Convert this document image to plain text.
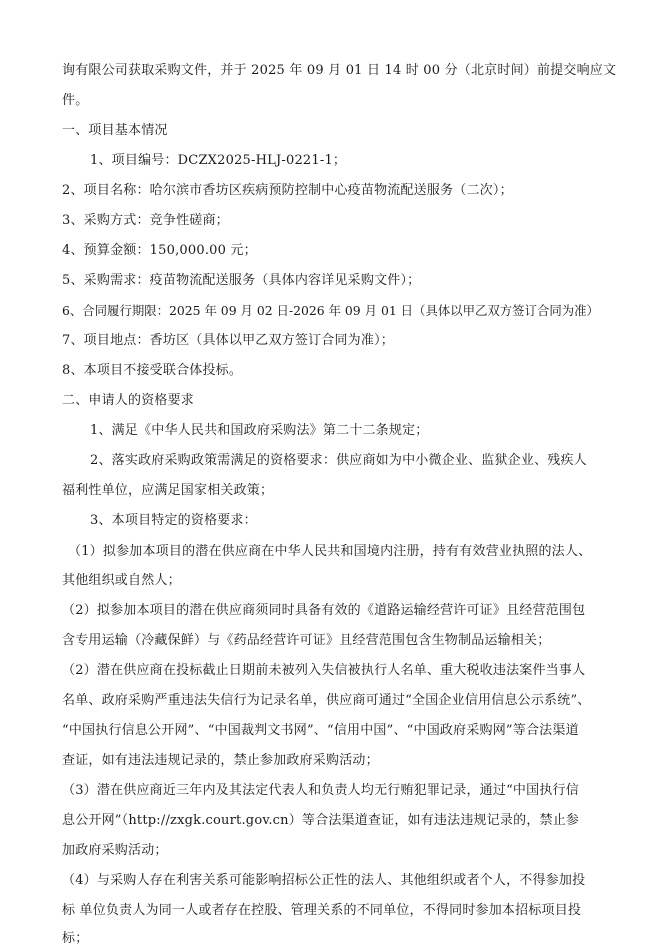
询有限公司获取采购文件，并于 2025 年 09 月 01 日 14 时 00 分（北京时间）前提交响应文
件。
一、项目基本情况
1、项目编号：DCZX2025-HLJ-0221-1；
2、项目名称：哈尔滨市香坊区疾病预防控制中心疫苗物流配送服务（二次）；
3、采购方式：竞争性磋商；
4、预算金额：150,000.00 元；
5、采购需求：疫苗物流配送服务（具体内容详见采购文件）；
6、合同履行期限：2025 年 09 月 02 日-2026 年 09 月 01 日（具体以甲乙双方签订合同为准）
7、项目地点：香坊区（具体以甲乙双方签订合同为准）；
8、本项目不接受联合体投标。
二、申请人的资格要求
1、满足《中华人民共和国政府采购法》第二十二条规定；
2、落实政府采购政策需满足的资格要求：供应商如为中小微企业、监狱企业、残疾人
福利性单位，应满足国家相关政策；
3、本项目特定的资格要求：
（1）拟参加本项目的潜在供应商在中华人民共和国境内注册，持有有效营业执照的法人、
其他组织或自然人；
（2）拟参加本项目的潜在供应商须同时具备有效的《道路运输经营许可证》且经营范围包
含专用运输（冷藏保鲜）与《药品经营许可证》且经营范围包含生物制品运输相关；
（2）潜在供应商在投标截止日期前未被列入失信被执行人名单、重大税收违法案件当事人
名单、政府采购严重违法失信行为记录名单，供应商可通过“全国企业信用信息公示系统”、
“中国执行信息公开网”、“中国裁判文书网”、“信用中国”、“中国政府采购网”等合法渠道
查证，如有违法违规记录的，禁止参加政府采购活动；
（3）潜在供应商近三年内及其法定代表人和负责人均无行贿犯罪记录，通过“中国执行信
息公开网”（http://zxgk.court.gov.cn）等合法渠道查证，如有违法违规记录的，禁止参
加政府采购活动；
（4）与采购人存在利害关系可能影响招标公正性的法人、其他组织或者个人，不得参加投
标 单位负责人为同一人或者存在控股、管理关系的不同单位，不得同时参加本招标项目投
标；
